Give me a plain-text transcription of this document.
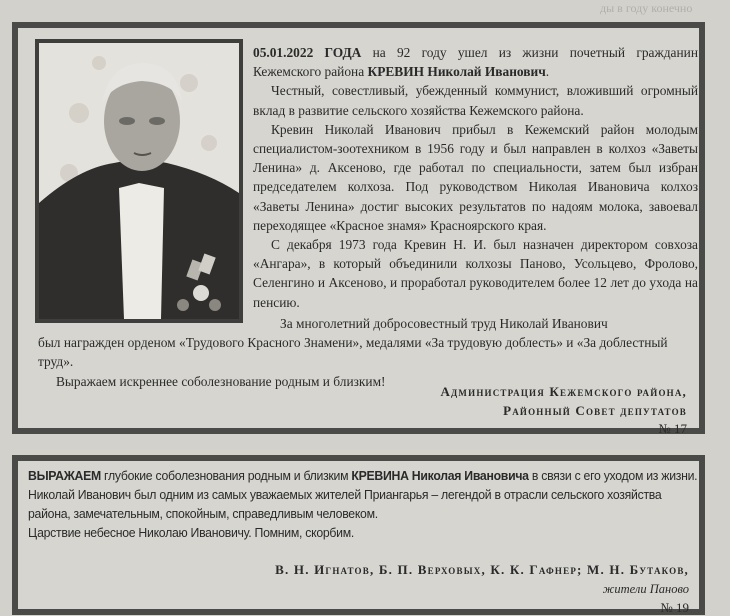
ды в году конечно

05.01.2022 ГОДА на 92 году ушел из жизни почетный гражданин Кежемского района КРЕВИН Николай Иванович.

Честный, совестливый, убежденный коммунист, вложивший огромный вклад в развитие сельского хозяйства Кежемского района.

Кревин Николай Иванович прибыл в Кежемский район молодым специалистом-зоотехником в 1956 году и был направлен в колхоз «Заветы Ленина» д. Аксеново, где работал по специальности, затем был избран председателем колхоза. Под руководством Николая Ивановича колхоз «Заветы Ленина» достиг высоких результатов по надоям молока, завоевал переходящее «Красное знамя» Красноярского края.

С декабря 1973 года Кревин Н. И. был назначен директором совхоза «Ангара», в который объединили колхозы Паново, Усольцево, Фролово, Селенгино и Аксеново, и проработал руководителем более 12 лет до ухода на пенсию.

За многолетний добросовестный труд Николай Иванович

был награжден орденом «Трудового Красного Знамени», медалями «За трудовую доблесть» и «За доблестный труд».

Выражаем искреннее соболезнование родным и близким!

Администрация Кежемского района,
Районный Совет депутатов
№ 17

ВЫРАЖАЕМ глубокие соболезнования родным и близким КРЕВИНА Николая Ивановича в связи с его уходом из жизни. Николай Иванович был одним из самых уважаемых жителей Приангарья – легендой в отрасли сельского хозяйства района, замечательным, спокойным, справедливым человеком.

Царствие небесное Николаю Ивановичу. Помним, скорбим.

В. Н. Игнатов, Б. П. Верховых, К. К. Гафнер; М. Н. Бутаков,
жители Паново
№ 19
